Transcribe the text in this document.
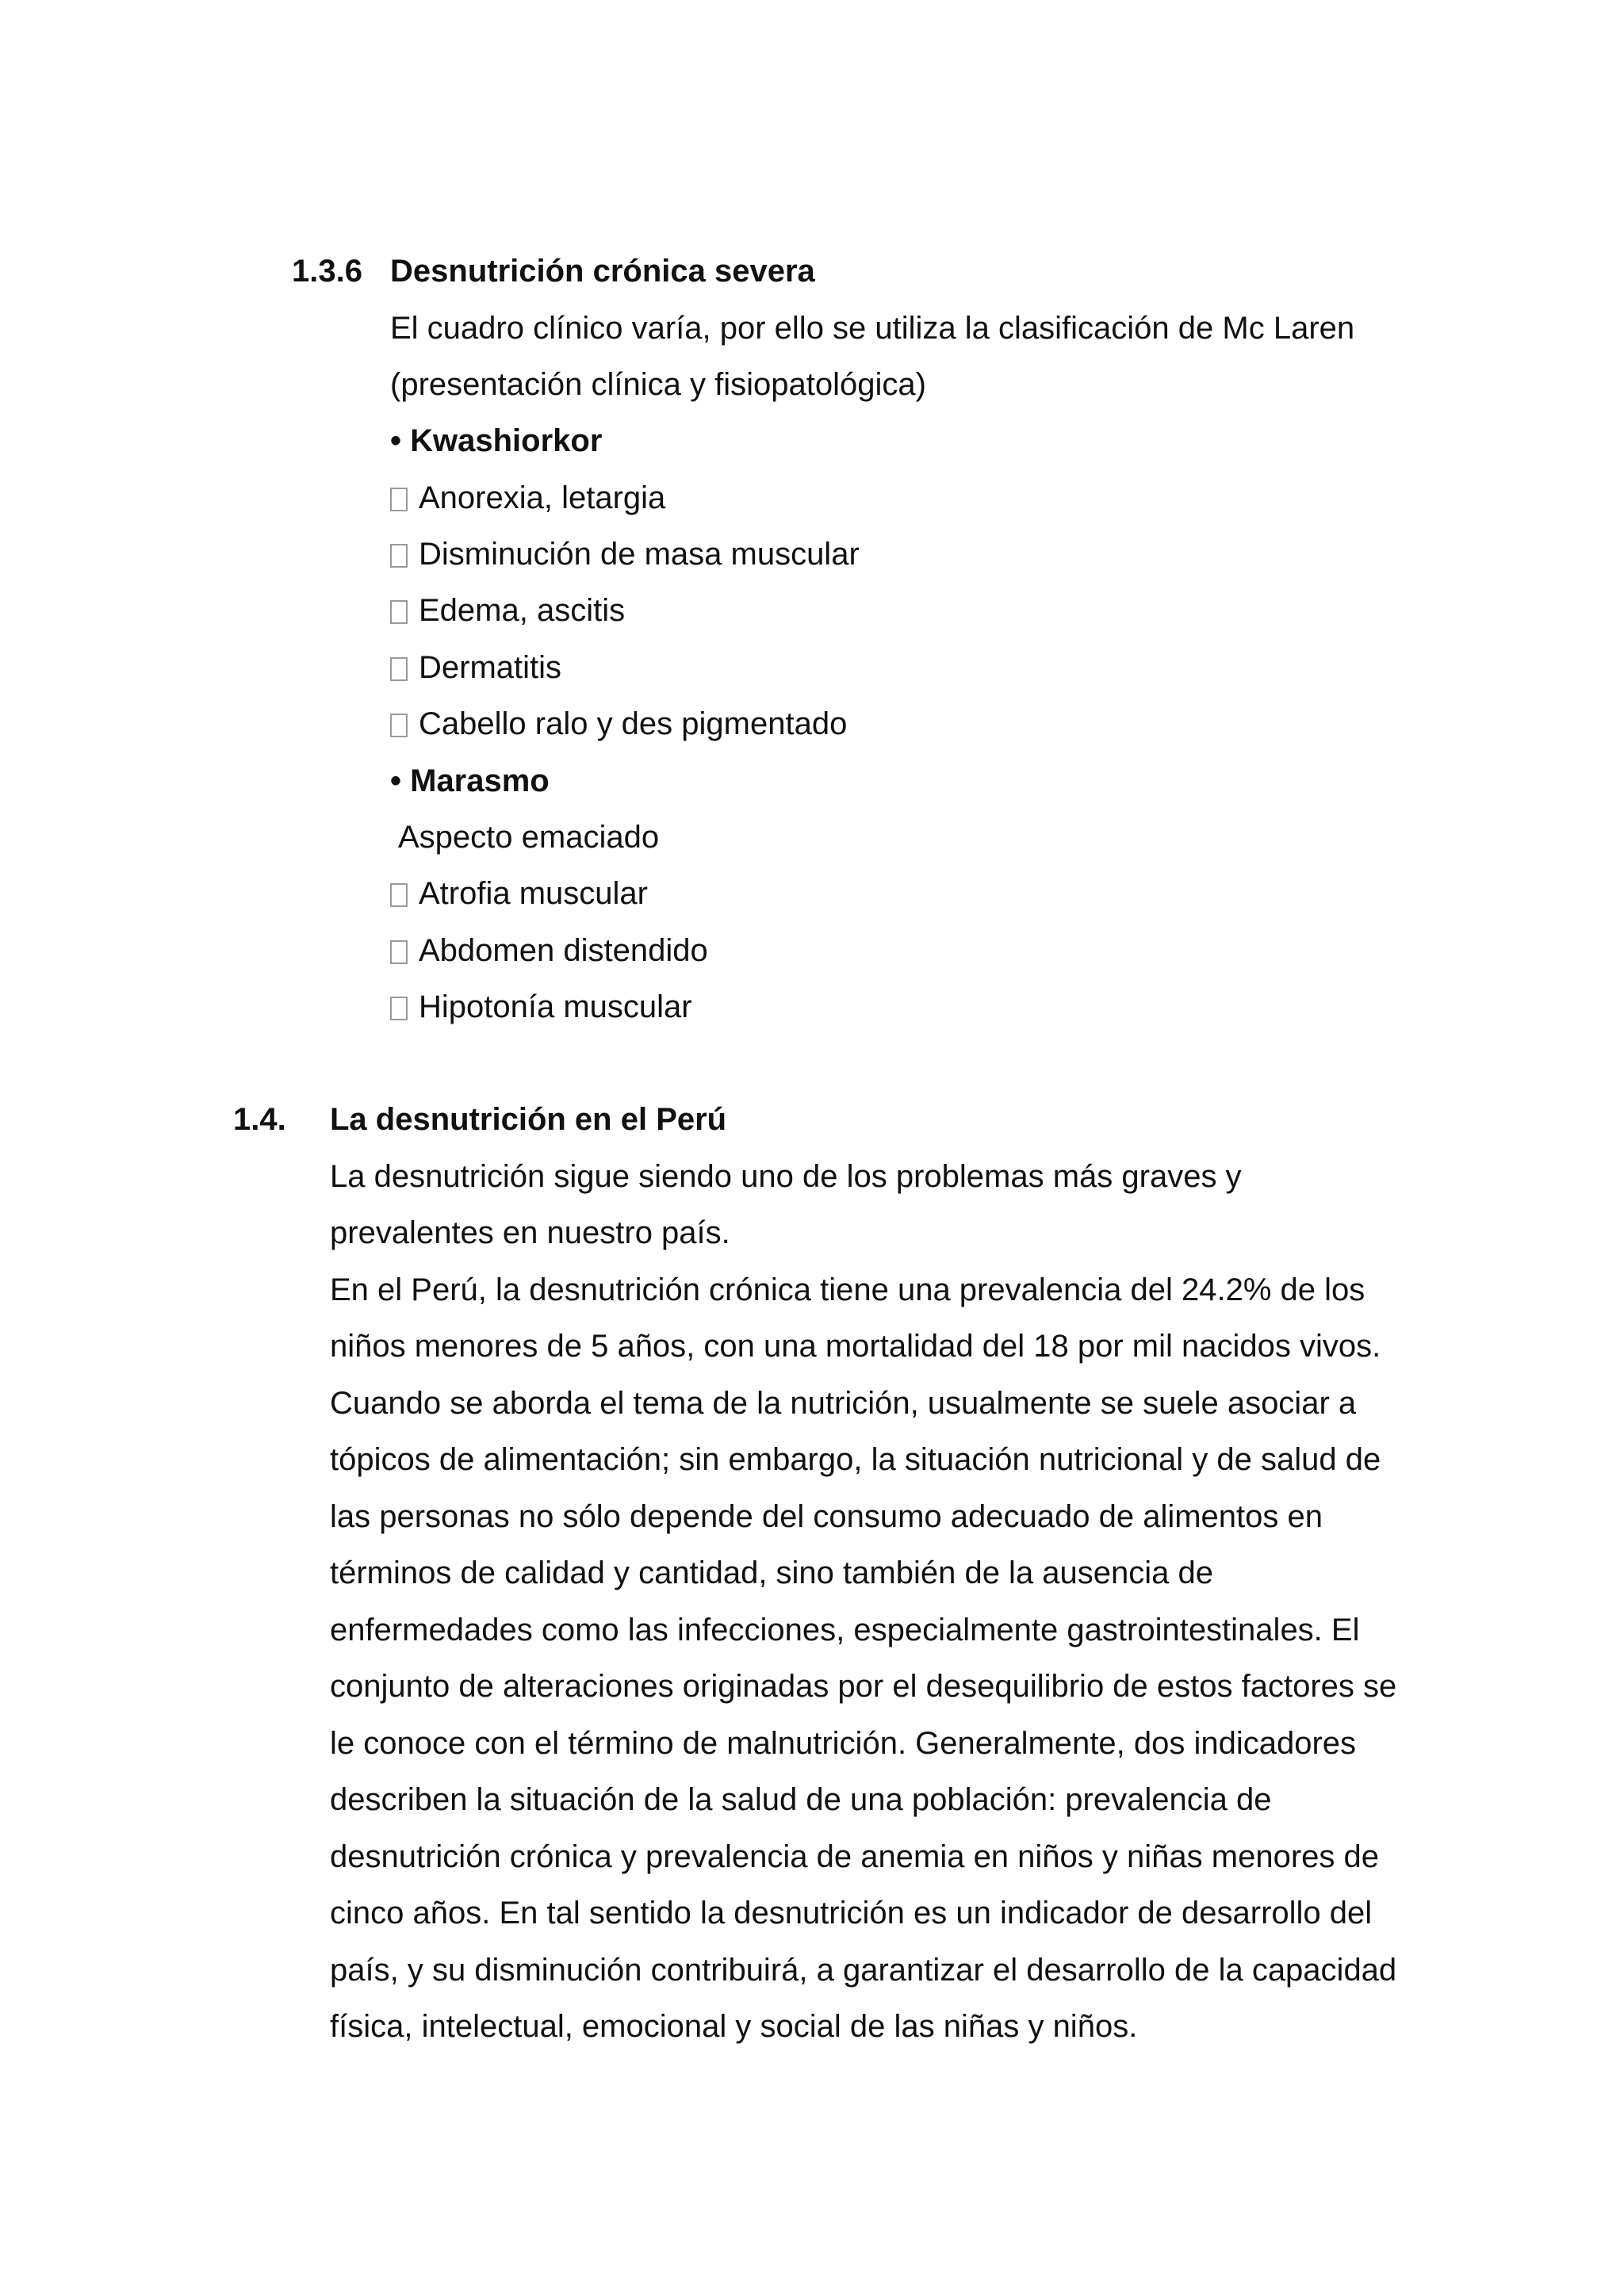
1.3.6 Desnutrición crónica severa
El cuadro clínico varía, por ello se utiliza la clasificación de Mc Laren
(presentación clínica y fisiopatológica)
• Kwashiorkor
Anorexia, letargia
Disminución de masa muscular
Edema, ascitis
Dermatitis
Cabello ralo y des pigmentado
• Marasmo
Aspecto emaciado
Atrofia muscular
Abdomen distendido
Hipotonía muscular
1.4. La desnutrición en el Perú
La desnutrición sigue siendo uno de los problemas más graves y
prevalentes en nuestro país.
En el Perú, la desnutrición crónica tiene una prevalencia del 24.2% de los
niños menores de 5 años, con una mortalidad del 18 por mil nacidos vivos.
Cuando se aborda el tema de la nutrición, usualmente se suele asociar a
tópicos de alimentación; sin embargo, la situación nutricional y de salud de
las personas no sólo depende del consumo adecuado de alimentos en
términos de calidad y cantidad, sino también de la ausencia de
enfermedades como las infecciones, especialmente gastrointestinales. El
conjunto de alteraciones originadas por el desequilibrio de estos factores se
le conoce con el término de malnutrición. Generalmente, dos indicadores
describen la situación de la salud de una población: prevalencia de
desnutrición crónica y prevalencia de anemia en niños y niñas menores de
cinco años. En tal sentido la desnutrición es un indicador de desarrollo del
país, y su disminución contribuirá, a garantizar el desarrollo de la capacidad
física, intelectual, emocional y social de las niñas y niños.
